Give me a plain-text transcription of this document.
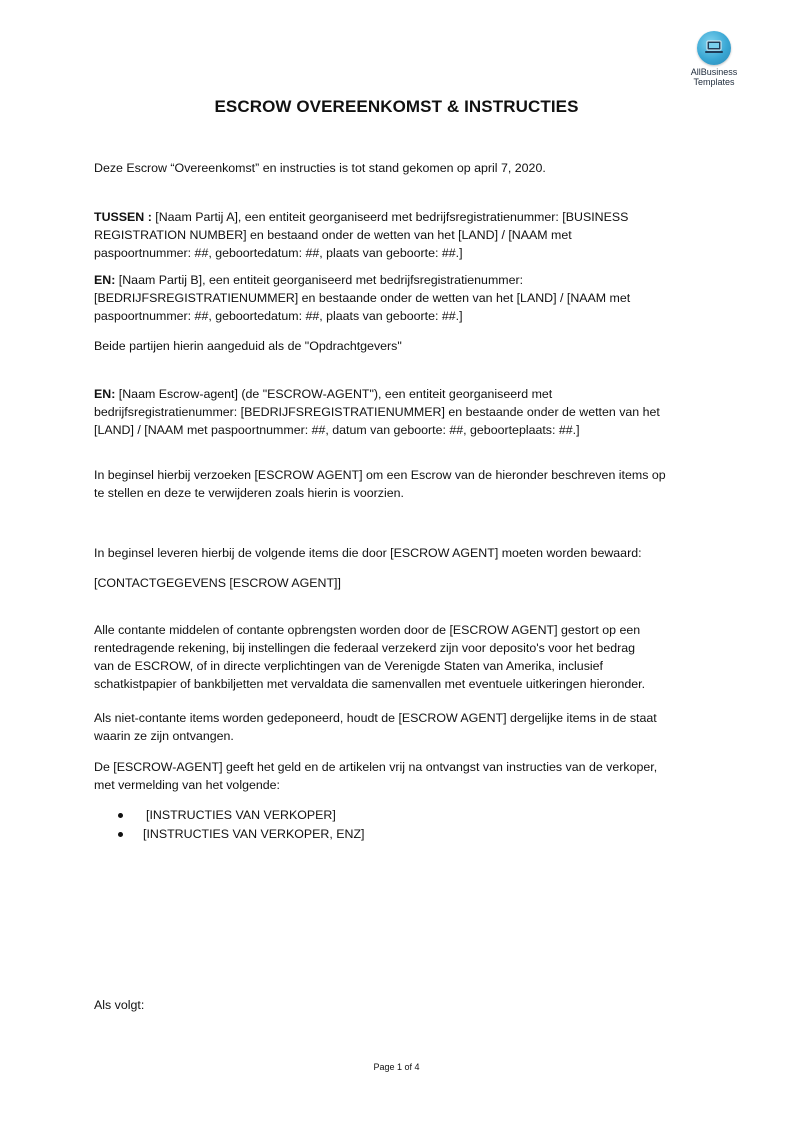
AllBusiness
Templates
ESCROW OVEREENKOMST & INSTRUCTIES
Deze Escrow “Overeenkomst” en instructies is tot stand gekomen op april 7, 2020.
TUSSEN : [Naam Partij A], een entiteit georganiseerd met bedrijfsregistratienummer: [BUSINESS
REGISTRATION NUMBER] en bestaand onder de wetten van het [LAND] / [NAAM met
paspoortnummer: ##, geboortedatum: ##, plaats van geboorte: ##.]
EN: [Naam Partij B], een entiteit georganiseerd met bedrijfsregistratienummer:
[BEDRIJFSREGISTRATIENUMMER] en bestaande onder de wetten van het [LAND] / [NAAM met
paspoortnummer: ##, geboortedatum: ##, plaats van geboorte: ##.]
Beide partijen hierin aangeduid als de "Opdrachtgevers"
EN: [Naam Escrow-agent] (de "ESCROW-AGENT"), een entiteit georganiseerd met
bedrijfsregistratienummer: [BEDRIJFSREGISTRATIENUMMER] en bestaande onder de wetten van het
[LAND] / [NAAM met paspoortnummer: ##, datum van geboorte: ##, geboorteplaats: ##.]
In beginsel hierbij verzoeken [ESCROW AGENT] om een Escrow van de hieronder beschreven items op
te stellen en deze te verwijderen zoals hierin is voorzien.
In beginsel leveren hierbij de volgende items die door [ESCROW AGENT] moeten worden bewaard:
[CONTACTGEGEVENS [ESCROW AGENT]]
Alle contante middelen of contante opbrengsten worden door de [ESCROW AGENT] gestort op een
rentedragende rekening, bij instellingen die federaal verzekerd zijn voor deposito's voor het bedrag
van de ESCROW, of in directe verplichtingen van de Verenigde Staten van Amerika, inclusief
schatkistpapier of bankbiljetten met vervaldata die samenvallen met eventuele uitkeringen hieronder.
Als niet-contante items worden gedeponeerd, houdt de [ESCROW AGENT] dergelijke items in de staat
waarin ze zijn ontvangen.
De [ESCROW-AGENT] geeft het geld en de artikelen vrij na ontvangst van instructies van de verkoper,
met vermelding van het volgende:
[INSTRUCTIES VAN VERKOPER]
[INSTRUCTIES VAN VERKOPER, ENZ]
Als volgt:
Page 1 of 4
